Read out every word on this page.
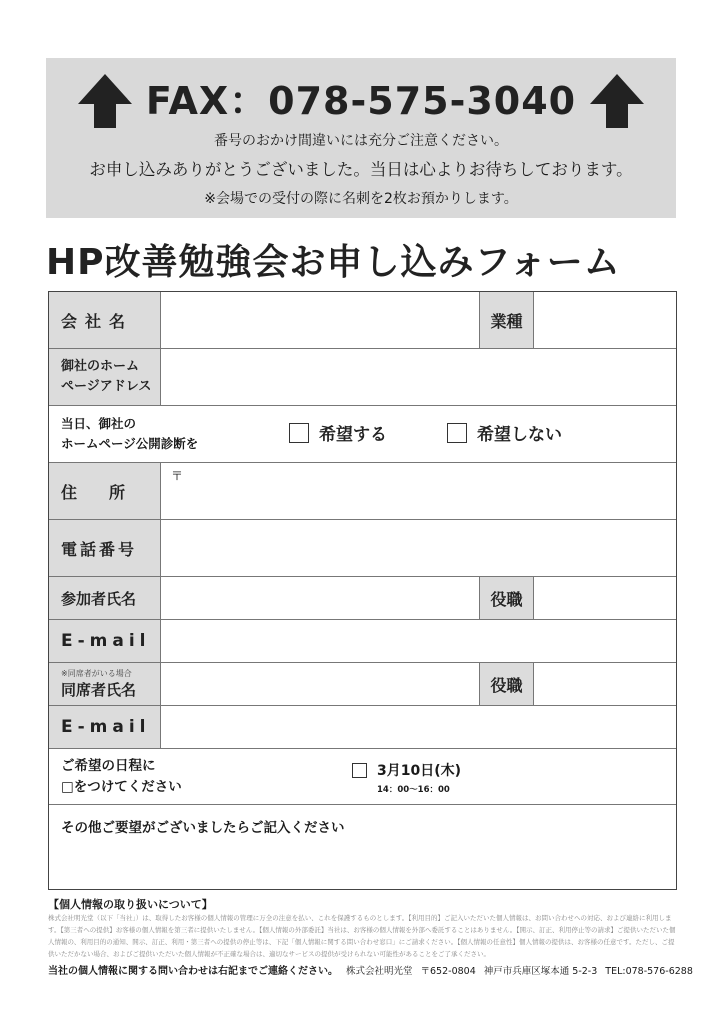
FAX：078-575-3040
番号のおかけ間違いには充分ご注意ください。
お申し込みありがとうございました。当日は心よりお待ちしております。
※会場での受付の際に名刺を2枚お預かりします。
HP改善勉強会お申し込みフォーム
会社名	業種
御社のホーム
ページアドレス
当日、御社の
ホームページ公開診断を	希望する	希望しない
住　所
〒
電話番号
参加者氏名	役職
E-mail
※同席者がいる場合
同席者氏名	役職
E-mail
ご希望の日程に
□をつけてください
3月10日(木)
14：00〜16：00
その他ご要望がございましたらご記入ください
【個人情報の取り扱いについて】
株式会社明光堂（以下「当社」）は、取得したお客様の個人情報の管理に万全の注意を払い、これを保護するものとします。【利用目的】ご記入いただいた個人情報は、お問い合わせへの対応、および連絡に利用します。【第三者への提供】お客様の個人情報を第三者に提供いたしません。【個人情報の外部委託】当社は、お客様の個人情報を外部へ委託することはありません。【開示、訂正、利用停止等の請求】ご提供いただいた個人情報の、利用目的の通知、開示、訂正、利用・第三者への提供の停止等は、下記「個人情報に関する問い合わせ窓口」にご請求ください。【個人情報の任意性】個人情報の提供は、お客様の任意です。ただし、ご提供いただかない場合、およびご提供いただいた個人情報が不正確な場合は、適切なサービスの提供が受けられない可能性があることをご了承ください。
当社の個人情報に関する問い合わせは右記までご連絡ください。 株式会社明光堂 〒652-0804 神戸市兵庫区塚本通 5-2-3 TEL:078-576-6288
